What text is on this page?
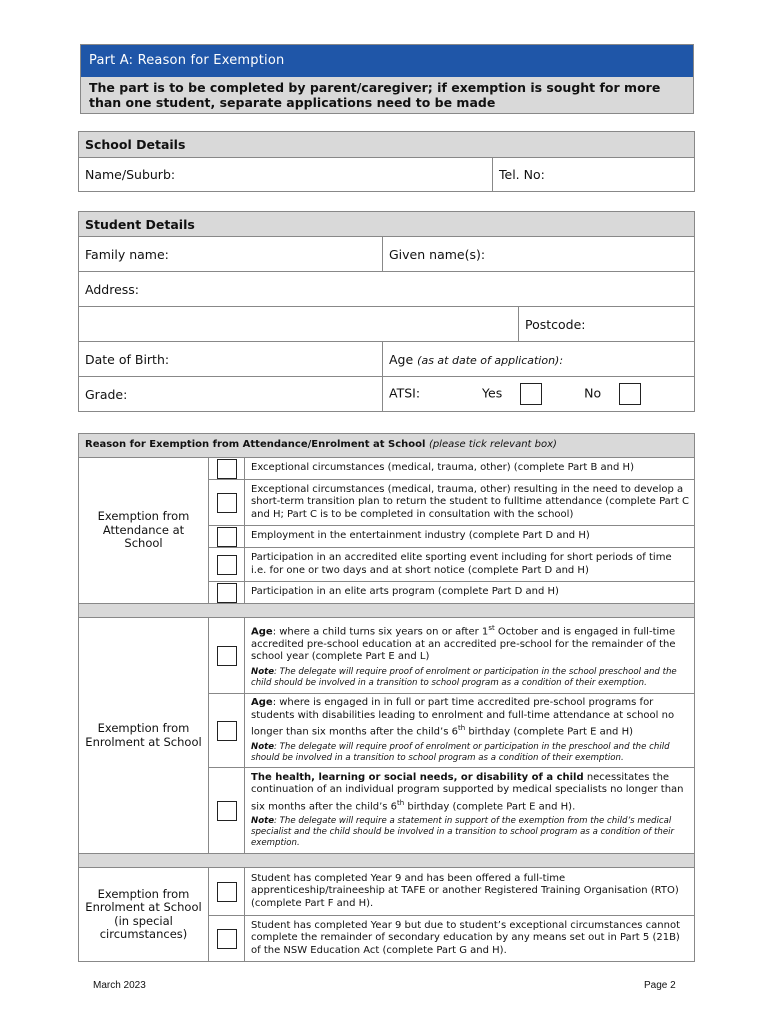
Part A: Reason for Exemption
The part is to be completed by parent/caregiver; if exemption is sought for more than one student, separate applications need to be made
School Details
Name/Suburb:	Tel. No:
Student Details		
Family name:	Given name(s):	
Address:		
		Postcode:
Date of Birth:	Age (as at date of application):	
Grade:	ATSI: Yes No	
Reason for Exemption from Attendance/Enrolment at School (please tick relevant box)		
Exemption from Attendance at School		Exceptional circumstances (medical, trauma, other) (complete Part B and H)
		Exceptional circumstances (medical, trauma, other) resulting in the need to develop a short-term transition plan to return the student to fulltime attendance (complete Part C and H; Part C is to be completed in consultation with the school)
		Employment in the entertainment industry (complete Part D and H)
		Participation in an accredited elite sporting event including for short periods of time i.e. for one or two days and at short notice (complete Part D and H)
		Participation in an elite arts program (complete Part D and H)

Exemption from Enrolment at School		Age: where a child turns six years on or after 1st October and is engaged in full-time accredited pre-school education at an accredited pre-school for the remainder of the school year (complete Part E and L)
Note: The delegate will require proof of enrolment or participation in the school preschool and the child should be involved in a transition to school program as a condition of their exemption.

		Age: where is engaged in in full or part time accredited pre-school programs for students with disabilities leading to enrolment and full-time attendance at school no longer than six months after the child’s 6th birthday (complete Part E and H)
Note: The delegate will require proof of enrolment or participation in the preschool and the child should be involved in a transition to school program as a condition of their exemption.

		The health, learning or social needs, or disability of a child necessitates the continuation of an individual program supported by medical specialists no longer than six months after the child’s 6th birthday (complete Part E and H).
Note: The delegate will require a statement in support of the exemption from the child’s medical specialist and the child should be involved in a transition to school program as a condition of their exemption.

Exemption from Enrolment at School (in special circumstances)		Student has completed Year 9 and has been offered a full-time apprenticeship/traineeship at TAFE or another Registered Training Organisation (RTO) (complete Part F and H).
		Student has completed Year 9 but due to student’s exceptional circumstances cannot complete the remainder of secondary education by any means set out in Part 5 (21B) of the NSW Education Act (complete Part G and H).
March 2023	Page 2
